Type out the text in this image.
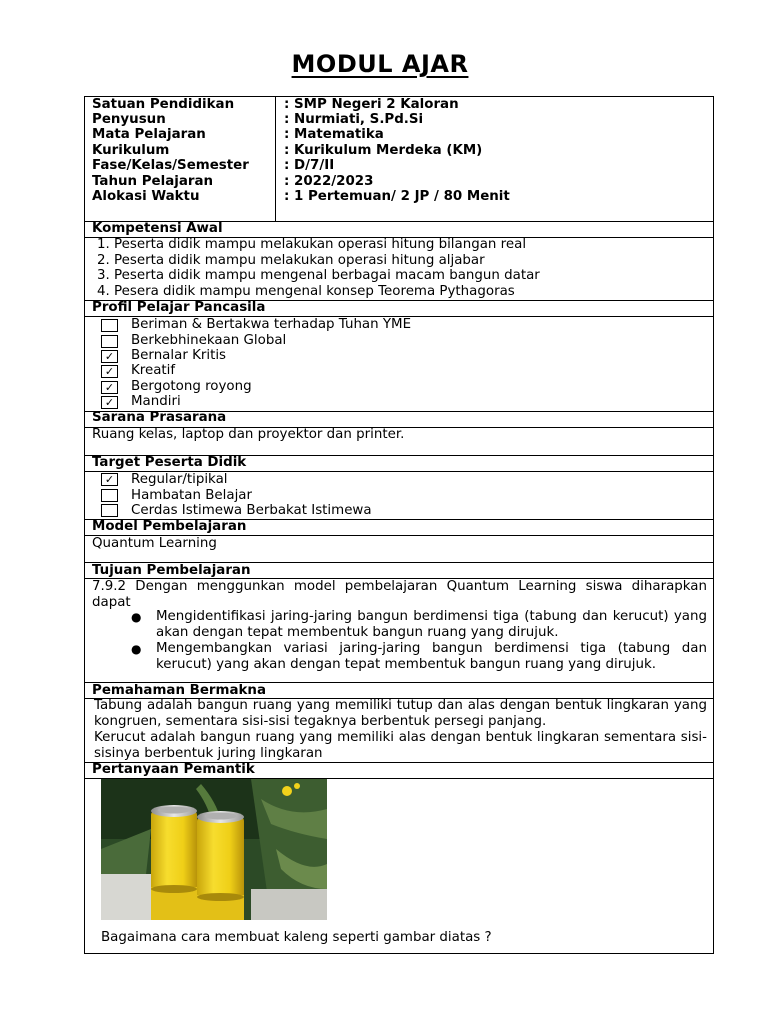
MODUL AJAR
Satuan Pendidikan
Penyusun
Mata Pelajaran
Kurikulum
Fase/Kelas/Semester
Tahun Pelajaran
Alokasi Waktu
: SMP Negeri 2 Kaloran
: Nurmiati, S.Pd.Si
: Matematika
: Kurikulum Merdeka (KM)
: D/7/II
: 2022/2023
: 1 Pertemuan/ 2 JP / 80 Menit
Kompetensi Awal
1. Peserta didik mampu melakukan operasi hitung bilangan real
2. Peserta didik mampu melakukan operasi hitung aljabar
3. Peserta didik mampu mengenal berbagai macam bangun datar
4. Pesera didik mampu mengenal konsep Teorema Pythagoras
Profil Pelajar Pancasila
Beriman & Bertakwa terhadap Tuhan YME
Berkebhinekaan Global
✓ Bernalar Kritis
✓ Kreatif
✓ Bergotong royong
✓ Mandiri
Sarana Prasarana
Ruang kelas, laptop dan proyektor dan printer.
Target Peserta Didik
✓ Regular/tipikal
Hambatan Belajar
Cerdas Istimewa Berbakat Istimewa
Model Pembelajaran
Quantum Learning
Tujuan Pembelajaran
7.9.2 Dengan menggunkan model pembelajaran Quantum Learning siswa diharapkan dapat
● Mengidentifikasi jaring-jaring bangun berdimensi tiga (tabung dan kerucut) yang akan dengan tepat membentuk bangun ruang yang dirujuk.
● Mengembangkan variasi jaring-jaring bangun berdimensi tiga (tabung dan kerucut) yang akan dengan tepat membentuk bangun ruang yang dirujuk.
Pemahaman Bermakna
Tabung adalah bangun ruang yang memiliki tutup dan alas dengan bentuk lingkaran yang kongruen, sementara sisi-sisi tegaknya berbentuk persegi panjang.
Kerucut adalah bangun ruang yang memiliki alas dengan bentuk lingkaran sementara sisi-sisinya berbentuk juring lingkaran
Pertanyaan Pemantik
Bagaimana cara membuat kaleng seperti gambar diatas ?
